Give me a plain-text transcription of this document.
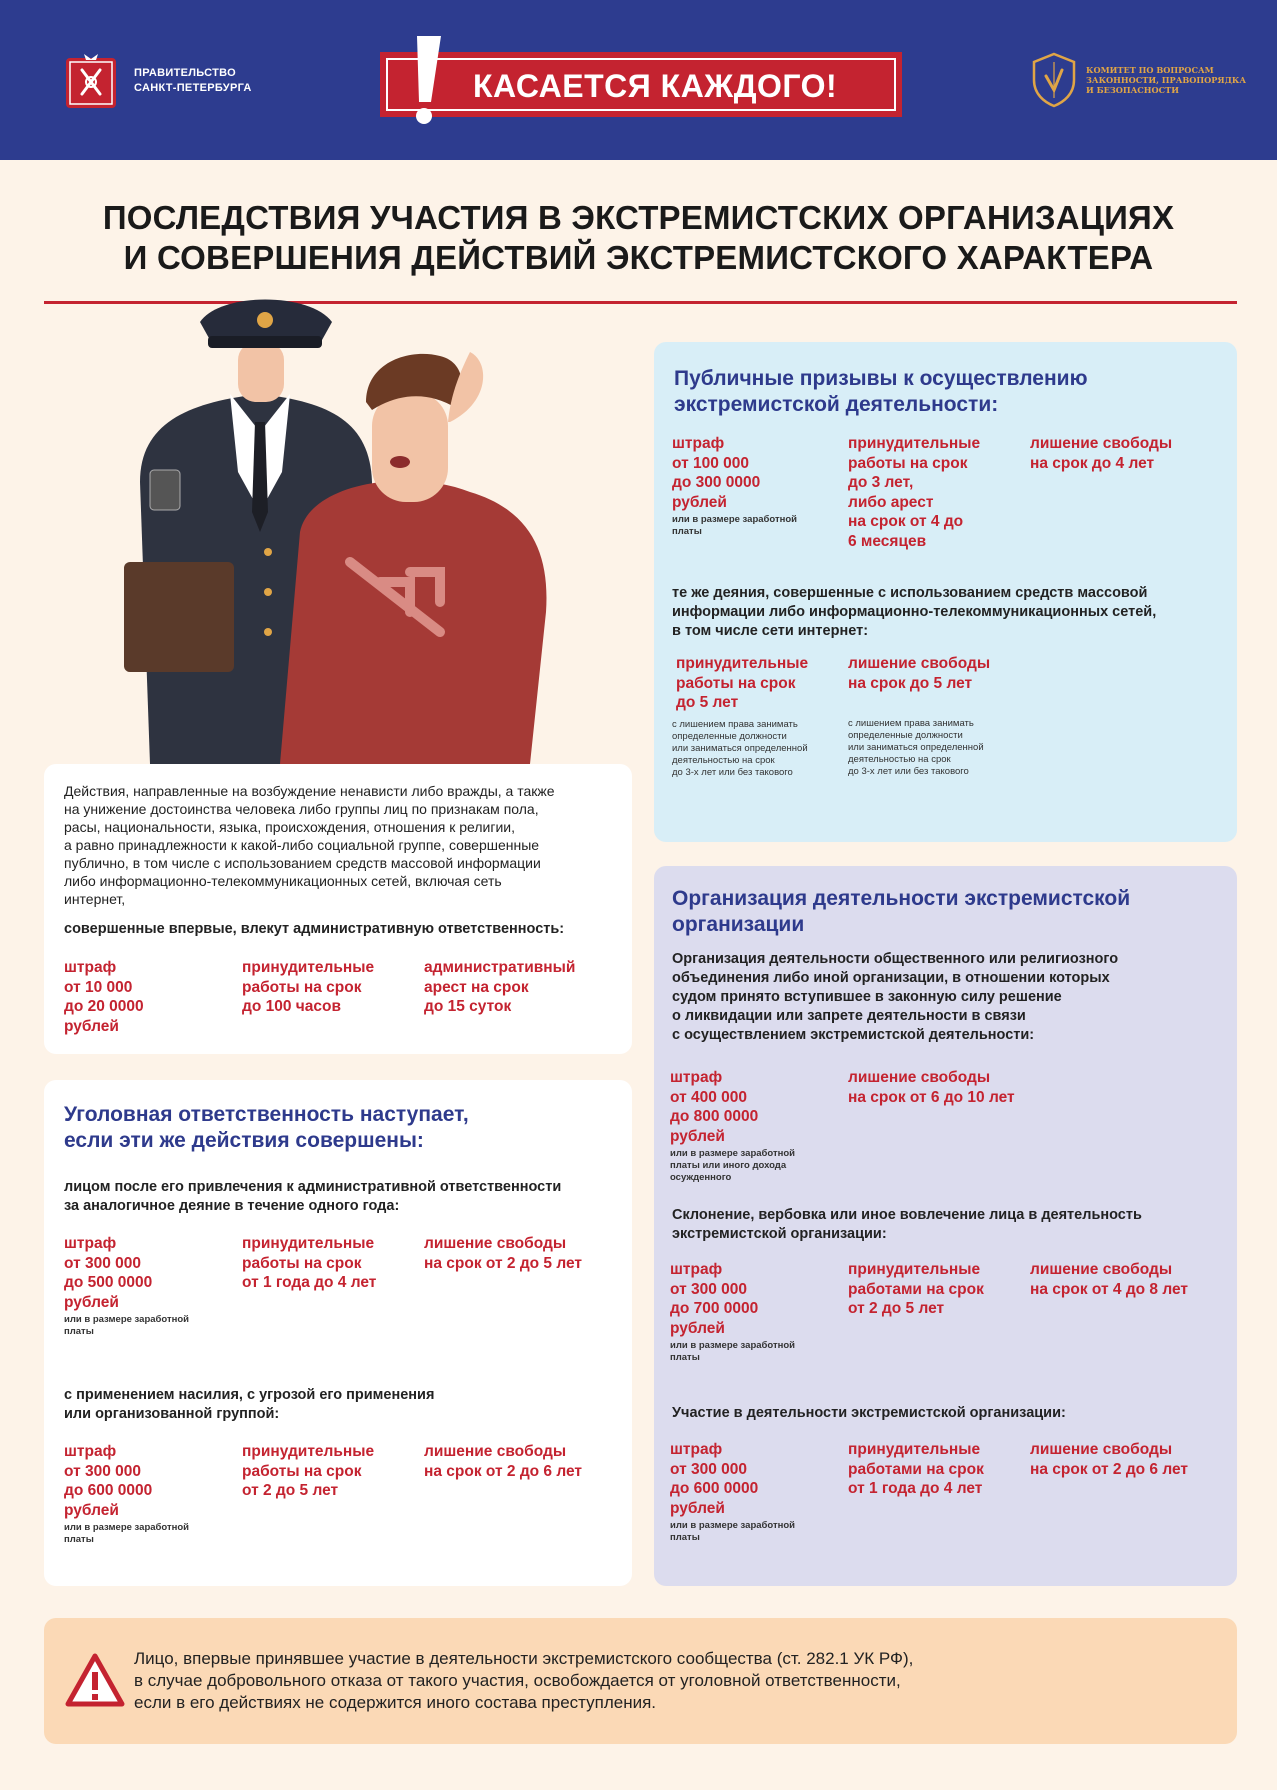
ПРАВИТЕЛЬСТВО
САНКТ-ПЕТЕРБУРГА	КАСАЕТСЯ КАЖДОГО!	КОМИТЕТ ПО ВОПРОСАМ
ЗАКОННОСТИ, ПРАВОПОРЯДКА
И БЕЗОПАСНОСТИ
ПОСЛЕДСТВИЯ УЧАСТИЯ В ЭКСТРЕМИСТСКИХ ОРГАНИЗАЦИЯХ
И СОВЕРШЕНИЯ ДЕЙСТВИЙ ЭКСТРЕМИСТСКОГО ХАРАКТЕРА
Публичные призывы к осуществлению
экстремистской деятельности:
штраф
от 100 000
до 300 0000
рублей
или в размере заработной
платы
принудительные
работы на срок
до 3 лет,
либо арест
на срок от 4 до
6 месяцев
лишение свободы
на срок до 4 лет
те же деяния, совершенные с использованием средств массовой
информации либо информационно-телекоммуникационных сетей,
в том числе сети интернет:
принудительные
работы на срок
до 5 лет
с лишением права занимать
определенные должности
или заниматься определенной
деятельностью на срок
до 3-х лет или без такового
лишение свободы
на срок до 5 лет
с лишением права занимать
определенные должности
или заниматься определенной
деятельностью на срок
до 3-х лет или без такового
Действия, направленные на возбуждение ненависти либо вражды, а также
на унижение достоинства человека либо группы лиц по признакам пола,
расы, национальности, языка, происхождения, отношения к религии,
а равно принадлежности к какой-либо социальной группе, совершенные
публично, в том числе с использованием средств массовой информации
либо информационно-телекоммуникационных сетей, включая сеть
интернет,
совершенные впервые, влекут административную ответственность:
штраф
от 10 000
до 20 0000
рублей
принудительные
работы на срок
до 100 часов
административный
арест на срок
до 15 суток
Уголовная ответственность наступает,
если эти же действия совершены:
лицом после его привлечения к административной ответственности
за аналогичное деяние в течение одного года:
штраф
от 300 000
до 500 0000
рублей
или в размере заработной
платы
принудительные
работы на срок
от 1 года до 4 лет
лишение свободы
на срок от 2 до 5 лет
с применением насилия, с угрозой его применения
или организованной группой:
штраф
от 300 000
до 600 0000
рублей
или в размере заработной
платы
принудительные
работы на срок
от 2 до 5 лет
лишение свободы
на срок от 2 до 6 лет
Организация деятельности экстремистской
организации
Организация деятельности общественного или религиозного
объединения либо иной организации, в отношении которых
судом принято вступившее в законную силу решение
о ликвидации или запрете деятельности в связи
с осуществлением экстремистской деятельности:
штраф
от 400 000
до 800 0000
рублей
или в размере заработной
платы или иного дохода
осужденного
лишение свободы
на срок от 6 до 10 лет
Склонение, вербовка или иное вовлечение лица в деятельность
экстремистской организации:
штраф
от 300 000
до 700 0000
рублей
или в размере заработной
платы
принудительные
работами на срок
от 2 до 5 лет
лишение свободы
на срок от 4 до 8 лет
Участие в деятельности экстремистской организации:
штраф
от 300 000
до 600 0000
рублей
или в размере заработной
платы
принудительные
работами на срок
от 1 года до 4 лет
лишение свободы
на срок от 2 до 6 лет
Лицо, впервые принявшее участие в деятельности экстремистского сообщества (ст. 282.1 УК РФ),
в случае добровольного отказа от такого участия, освобождается от уголовной ответственности,
если в его действиях не содержится иного состава преступления.
